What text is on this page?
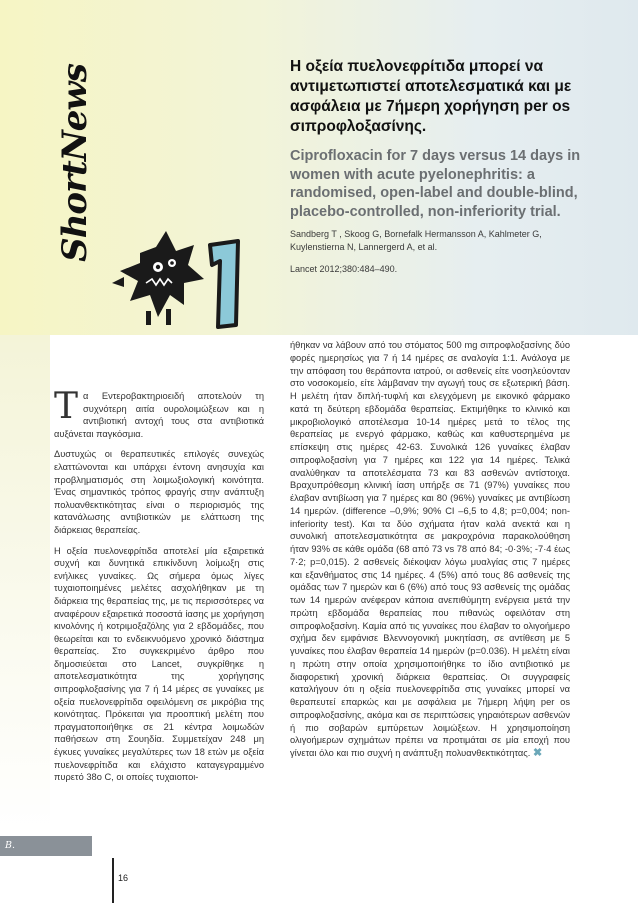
ShortNews	1
Η οξεία πυελονεφρίτιδα μπορεί να αντιμετωπιστεί αποτελεσματικά και με ασφάλεια με 7ήμερη χορήγηση per os σιπροφλοξασίνης.
Ciprofloxacin for 7 days versus 14 days in women with acute pyelonephritis: a randomised, open-label and double-blind, placebo-controlled, non-inferiority trial.
Sandberg T , Skoog G, Bornefalk Hermansson A, Kahlmeter G, Kuylenstierna N, Lannergerd A, et al.
Lancet 2012;380:484–490.

Τα Εντεροβακτηριοειδή αποτελούν τη συχνότερη αιτία ουρολοιμώξεων και η αντιβιοτική αντοχή τους στα αντιβιοτικά αυξάνεται παγκόσμια.

Δυστυχώς οι θεραπευτικές επιλογές συνεχώς ελαττώνονται και υπάρχει έντονη ανησυχία και προβληματισμός στη λοιμωξιολογική κοινότητα. Ένας σημαντικός τρόπος φραγής στην ανάπτυξη πολυανθεκτικότητας είναι ο περιορισμός της κατανάλωσης αντιβιοτικών με ελάττωση της διάρκειας θεραπείας.

Η οξεία πυελονεφρίτιδα αποτελεί μία εξαιρετικά συχνή και δυνητικά επικίνδυνη λοίμωξη στις ενήλικες γυναίκες. Ως σήμερα όμως λίγες τυχαιοποιημένες μελέτες ασχολήθηκαν με τη διάρκεια της θεραπείας της, με τις περισσότερες να αναφέρουν εξαιρετικά ποσοστά ίασης με χορήγηση κινολόνης ή κοτριμοξαζόλης για 2 εβδομάδες, που θεωρείται και το ενδεικνυόμενο χρονικό διάστημα θεραπείας. Στο συγκεκριμένο άρθρο που δημοσιεύεται στο Lancet, συγκρίθηκε η αποτελεσματικότητα της χορήγησης σιπροφλοξασίνης για 7 ή 14 μέρες σε γυναίκες με οξεία πυελονεφρίτιδα οφειλόμενη σε μικρόβια της κοινότητας. Πρόκειται για προοπτική μελέτη που πραγματοποιήθηκε σε 21 κέντρα λοιμωδών παθήσεων στη Σουηδία. Συμμετείχαν 248 μη έγκυες γυναίκες μεγαλύτερες των 18 ετών με οξεία πυελονεφρίτιδα και ελάχιστο καταγεγραμμένο πυρετό 38ο C, οι οποίες τυχαιοποι-

ήθηκαν να λάβουν από του στόματος 500 mg σιπροφλοξασίνης δύο φορές ημερησίως για 7 ή 14 ημέρες σε αναλογία 1:1. Ανάλογα με την απόφαση του θεράποντα ιατρού, οι ασθενείς είτε νοσηλεύονταν στο νοσοκομείο, είτε λάμβαναν την αγωγή τους σε εξωτερική βάση. Η μελέτη ήταν διπλή-τυφλή και ελεγχόμενη με εικονικό φάρμακο κατά τη δεύτερη εβδομάδα θεραπείας. Εκτιμήθηκε το κλινικό και μικροβιολογικό αποτέλεσμα 10-14 ημέρες μετά το τέλος της θεραπείας με ενεργό φάρμακο, καθώς και καθυστερημένα με επίσκεψη στις ημέρες 42-63. Συνολικά 126 γυναίκες έλαβαν σιπροφλοξασίνη για 7 ημέρες και 122 για 14 ημέρες. Τελικά αναλύθηκαν τα αποτελέσματα 73 και 83 ασθενών αντίστοιχα. Βραχυπρόθεσμη κλινική ίαση υπήρξε σε 71 (97%) γυναίκες που έλαβαν αντιβίωση για 7 ημέρες και 80 (96%) γυναίκες με αντιβίωση 14 ημερών. (difference –0,9%; 90% CI –6,5 to 4,8; p=0,004; non-inferiority test). Και τα δύο σχήματα ήταν καλά ανεκτά και η συνολική αποτελεσματικότητα σε μακροχρόνια παρακολούθηση ήταν 93% σε κάθε ομάδα (68 από 73 vs 78 από 84; -0·3%; -7·4 έως 7·2; p=0,015). 2 ασθενείς διέκοψαν λόγω μυαλγίας στις 7 ημέρες και εξανθήματος στις 14 ημέρες. 4 (5%) από τους 86 ασθενείς της ομάδας των 7 ημερών και 6 (6%) από τους 93 ασθενείς της ομάδας των 14 ημερών ανέφεραν κάποια ανεπιθύμητη ενέργεια μετά την πρώτη εβδομάδα θεραπείας που πιθανώς οφειλόταν στη σιπροφλοξασίνη. Καμία από τις γυναίκες που έλαβαν το ολιγοήμερο σχήμα δεν εμφάνισε Βλεννογονική μυκητίαση, σε αντίθεση με 5 γυναίκες που έλαβαν θεραπεία 14 ημερών (p=0.036). Η μελέτη είναι η πρώτη στην οποία χρησιμοποιήθηκε το ίδιο αντιβιοτικό με διαφορετική χρονική διάρκεια θεραπείας. Οι συγγραφείς καταλήγουν ότι η οξεία πυελονεφρίτιδα στις γυναίκες μπορεί να θεραπευτεί επαρκώς και με ασφάλεια με 7ήμερη λήψη per os σιπροφλοξασίνης, ακόμα και σε περιπτώσεις γηραιότερων ασθενών ή πιο σοβαρών εμπύρετων λοιμώξεων. Η χρησιμοποίηση ολιγοήμερων σχημάτων πρέπει να προτιμάται σε μία εποχή που γίνεται όλο και πιο συχνή η ανάπτυξη πολυανθεκτικότητας. ✖

Β. Παπαδημητρίου
16
